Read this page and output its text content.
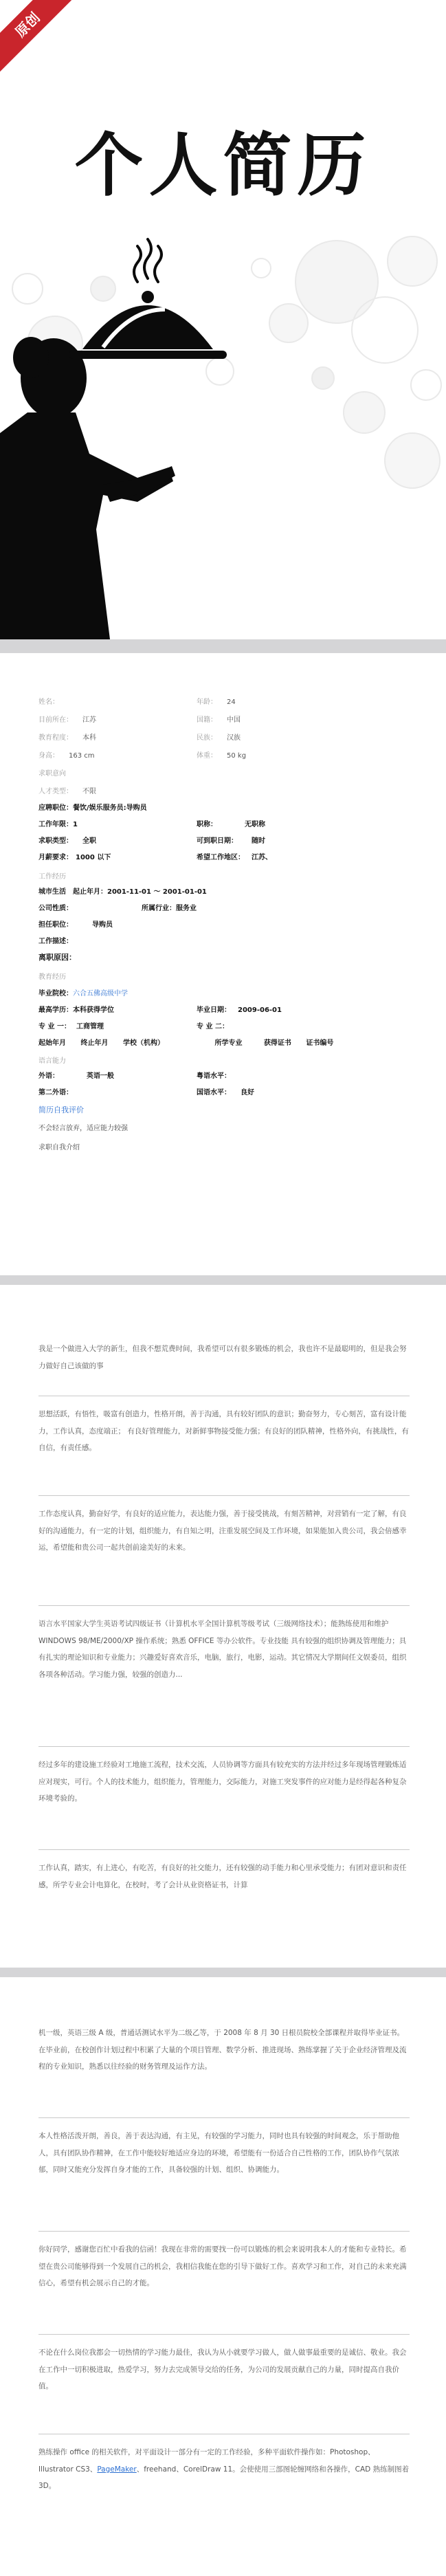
原创
个人简历
姓名：	年龄： 24
目前所在： 江苏	国籍： 中国
教育程度： 本科	民族： 汉族
身高： 163 cm	体重： 50 kg
求职意向
人才类型： 不限
应聘职位：餐饮/娱乐服务员:导购员
工作年限：1	职称：	无职称
求职类型： 全职	可到职日期： 随时
月薪要求： 1000 以下	希望工作地区： 江苏、
工作经历
城市生活　 起止年月：2001-11-01 ～ 2001-01-01
公司性质：	所属行业：服务业
担任职位：	导购员
工作描述：
离职原因：
教育经历
毕业院校：六合五佛高级中学
最高学历：本科获得学位	毕业日期： 2009-06-01
专 业 一： 工商管理	专 业 二：
起始年月 终止年月 学校（机构）	所学专业	获得证书 证书编号
语言能力
外语：	英语一般	粤语水平：
第二外语：	国语水平： 良好
简历自我评价
不会轻言放弃，适应能力较强
求职自我介绍
我是一个做进入大学的新生，但我不想荒费时间，我希望可以有很多锻炼的机会，我也许不是最聪明的，但是我会努力做好自己该做的事
思想活跃，有悟性，吸富有创造力，性格开朗，善于沟通，具有较好团队的意识；勤奋努力，专心刻苦，富有设计能力，工作认真，态度端正； 有良好管理能力，对新鲜事物接受能力强；有良好的团队精神，性格外向，有挑战性，有自信，有责任感。
工作态度认真，勤奋好学，有良好的适应能力，表达能力强，善于接受挑战，有刻苦精神，对营销有一定了解，有良好的沟通能力，有一定的计划，组织能力，有自知之明，注重发展空间及工作环境，如果能加入贵公司，我会倍感幸运，希望能和贵公司一起共创前途美好的未来。
语言水平国家大学生英语考试四级证书（计算机水平全国计算机等级考试（三级网络技术）；能熟练使用和维护 WINDOWS 98/ME/2000/XP 操作系统；熟悉 OFFICE 等办公软件。专业技能 具有较强的组织协调及管理能力；具有扎实的理论知识和专业能力；兴趣爱好喜欢音乐，电脑，旅行，电影，运动。其它情况大学期间任文娱委员，组织各项各种活动。学习能力强，较强的创造力...
经过多年的建设施工经验对工地施工流程，技术交流，人员协调等方面具有较充实的方法并经过多年现场管理锻炼适应对现实，可行。个人的技术能力，组织能力，管理能力，交际能力，对施工突发事件的应对能力是经得起各种复杂环境考验的。
工作认真，踏实，有上进心，有吃苦，有良好的社交能力，还有较强的动手能力和心里承受能力；有团对意识和责任感，所学专业会计电算化，在校时，考了会计从业资格证书，计算
机一级，英语三级 A 级，普通话测试水平为二级乙等，于 2008 年 8 月 30 日根员院校全部课程并取得毕业证书。在毕业前，在校创作计划过程中积累了大量的个项目管理、数学分析、推进现场、熟练掌握了关于企业经济管理及流程的专业知识，熟悉以往经验的财务管理及运作方法。
本人性格活泼开朗，善良，善于表达沟通，有主见，有较强的学习能力，同时也具有较强的时间观念，乐于帮助他人，具有团队协作精神，在工作中能较好地适应身边的环境，希望能有一份适合自己性格的工作，团队协作气氛浓郁，同时又能充分发挥自身才能的工作，具备较强的计划、组织、协调能力。
你好同学，感谢您百忙中看我的信函！我现在非常的需要找一份可以锻炼的机会来说明我本人的才能和专业特长。希望在贵公司能够得到一个发展自己的机会，我相信我能在您的引导下做好工作。喜欢学习和工作，对自己的未来充满信心，希望有机会展示自己的才能。
不论在什么岗位我都会一切热情的学习能力最佳，我认为从小就要学习做人，做人做事最重要的是诚信、敬业。我会在工作中一切积极进取，热爱学习，努力去完成领导交给的任务，为公司的发展贡献自己的力量，同时提高自我价值。
熟练操作 office 的相关软件，对平面设计一部分有一定的工作经验，多种平面软件操作如：Photoshop、Illustrator CS3、PageMaker、freehand、CorelDraw 11。会使使用三部图轮缠网络和各操作，CAD 熟练制图着 3D。
